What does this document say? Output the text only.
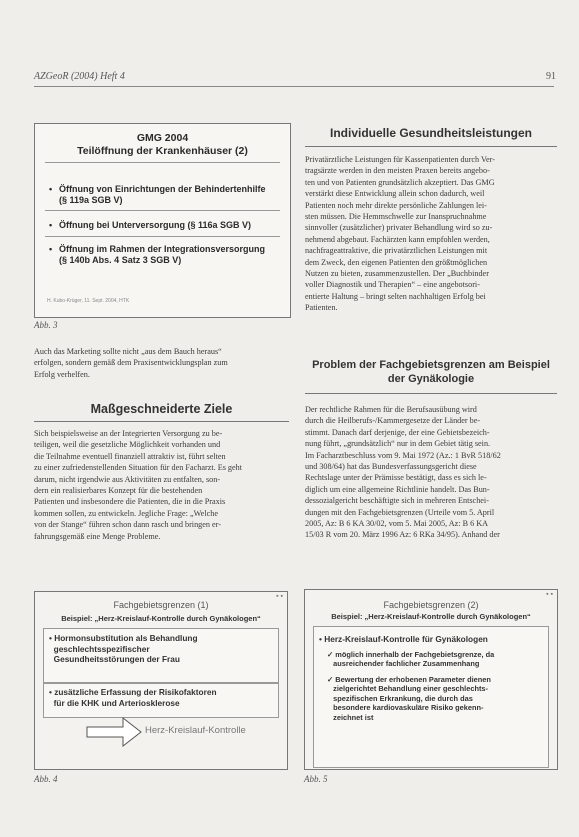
AZGeoR (2004) Heft 4	91
GMG 2004
Teilöffnung der Krankenhäuser (2)
• Öffnung von Einrichtungen der Behindertenhilfe
(§ 119a SGB V)
• Öffnung bei Unterversorgung (§ 116a SGB V)
• Öffnung im Rahmen der Integrationsversorgung
(§ 140b Abs. 4 Satz 3 SGB V)
H. Kubo-Krüger, 11. Sept. 2004, HTK
Abb. 3
Individuelle Gesundheitsleistungen
Privatärztliche Leistungen für Kassenpatienten durch Ver-
tragsärzte werden in den meisten Praxen bereits angebo-
ten und von Patienten grundsätzlich akzeptiert. Das GMG
verstärkt diese Entwicklung allein schon dadurch, weil
Patienten noch mehr direkte persönliche Zahlungen lei-
sten müssen. Die Hemmschwelle zur Inanspruchnahme
sinnvoller (zusätzlicher) privater Behandlung wird so zu-
nehmend abgebaut. Fachärzten kann empfohlen werden,
nachfrageattraktive, die privatärztlichen Leistungen mit
dem Zweck, den eigenen Patienten den größtmöglichen
Nutzen zu bieten, zusammenzustellen. Der „Buchbinder
voller Diagnostik und Therapien“ – eine angebotsori-
entierte Haltung – bringt selten nachhaltigen Erfolg bei
Patienten.
Auch das Marketing sollte nicht „aus dem Bauch heraus“
erfolgen, sondern gemäß dem Praxisentwicklungsplan zum
Erfolg verhelfen.
Maßgeschneiderte Ziele
Sich beispielsweise an der Integrierten Versorgung zu be-
teiligen, weil die gesetzliche Möglichkeit vorhanden und
die Teilnahme eventuell finanziell attraktiv ist, führt selten
zu einer zufriedenstellenden Situation für den Facharzt. Es geht
darum, nicht irgendwie aus Aktivitäten zu entfalten, son-
dern ein realisierbares Konzept für die bestehenden
Patienten und insbesondere die Patienten, die in die Praxis
kommen sollen, zu entwickeln. Jegliche Frage: „Welche
von der Stange“ führen schon dann rasch und bringen er-
fahrungsgemäß eine Menge Probleme.
Problem der Fachgebietsgrenzen am Beispiel
der Gynäkologie
Der rechtliche Rahmen für die Berufsausübung wird
durch die Heilberufs-/Kammergesetze der Länder be-
stimmt. Danach darf derjenige, der eine Gebietsbezeich-
nung führt, „grundsätzlich“ nur in dem Gebiet tätig sein.
Im Facharztbeschluss vom 9. Mai 1972 (Az.: 1 BvR 518/62
und 308/64) hat das Bundesverfassungsgericht diese
Rechtslage unter der Prämisse bestätigt, dass es sich le-
diglich um eine allgemeine Richtlinie handelt. Das Bun-
dessozialgericht beschäftigte sich in mehreren Entschei-
dungen mit den Fachgebietsgrenzen (Urteile vom 5. April
2005, Az: B 6 KA 30/02, vom 5. Mai 2005, Az: B 6 KA
15/03 R vom 20. März 1996 Az: 6 RKa 34/95). Anhand der
▪ ▪
Fachgebietsgrenzen (1)
Beispiel: „Herz-Kreislauf-Kontrolle durch Gynäkologen“
• Hormonsubstitution als Behandlung
geschlechtsspezifischer
Gesundheitsstörungen der Frau
• zusätzliche Erfassung der Risikofaktoren
für die KHK und Arteriosklerose
Herz-Kreislauf-Kontrolle
Abb. 4
▪ ▪
Fachgebietsgrenzen (2)
Beispiel: „Herz-Kreislauf-Kontrolle durch Gynäkologen“
• Herz-Kreislauf-Kontrolle für Gynäkologen
✓ möglich innerhalb der Fachgebietsgrenze, da
ausreichender fachlicher Zusammenhang
✓ Bewertung der erhobenen Parameter dienen
zielgerichtet Behandlung einer geschlechts-
spezifischen Erkrankung, die durch das
besondere kardiovaskuläre Risiko gekenn-
zeichnet ist
Abb. 5
